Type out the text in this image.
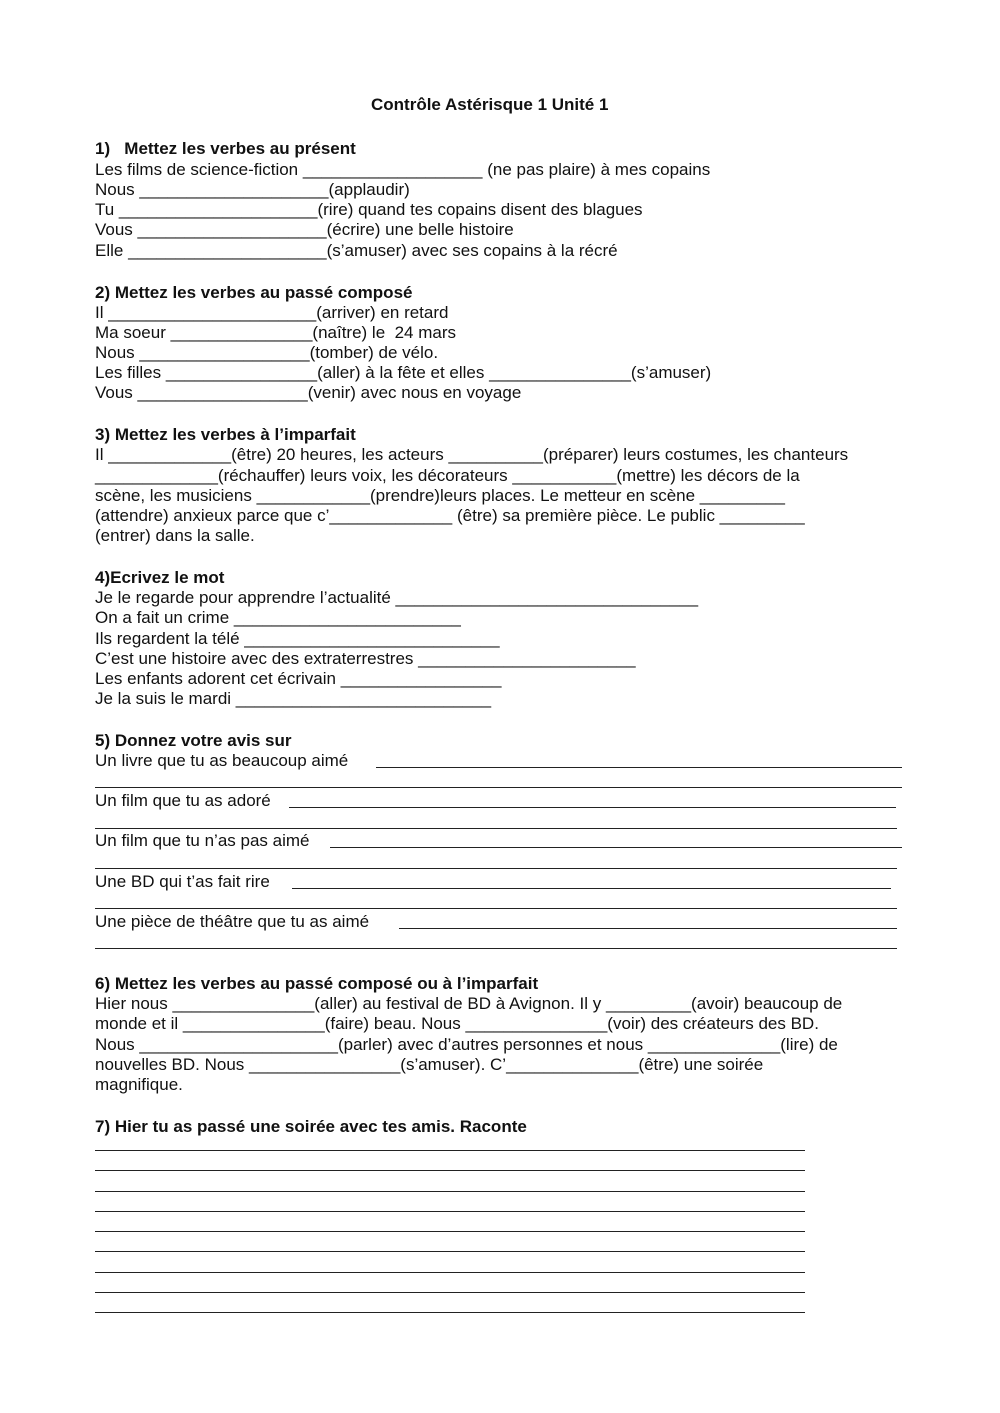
Contrôle Astérisque 1 Unité 1
1)   Mettez les verbes au présent
Les films de science-fiction ___________________ (ne pas plaire) à mes copains
Nous ____________________(applaudir)
Tu _____________________(rire) quand tes copains disent des blagues
Vous ____________________(écrire) une belle histoire
Elle _____________________(s’amuser) avec ses copains à la récré
2) Mettez les verbes au passé composé
Il ______________________(arriver) en retard
Ma soeur _______________(naître) le  24 mars
Nous __________________(tomber) de vélo.
Les filles ________________(aller) à la fête et elles _______________(s’amuser)
Vous __________________(venir) avec nous en voyage
3) Mettez les verbes à l’imparfait
Il _____________(être) 20 heures, les acteurs __________(préparer) leurs costumes, les chanteurs
_____________(réchauffer) leurs voix, les décorateurs ___________(mettre) les décors de la
scène, les musiciens ____________(prendre)leurs places. Le metteur en scène _________
(attendre) anxieux parce que c’_____________ (être) sa première pièce. Le public _________
(entrer) dans la salle.
4)Ecrivez le mot
Je le regarde pour apprendre l’actualité ________________________________
On a fait un crime ________________________
Ils regardent la télé ___________________________
C’est une histoire avec des extraterrestres _______________________
Les enfants adorent cet écrivain _________________
Je la suis le mardi ___________________________
5) Donnez votre avis sur
Un livre que tu as beaucoup aimé
Un film que tu as adoré
Un film que tu n’as pas aimé
Une BD qui t’as fait rire
Une pièce de théâtre que tu as aimé
6) Mettez les verbes au passé composé ou à l’imparfait
Hier nous _______________(aller) au festival de BD à Avignon. Il y _________(avoir) beaucoup de
monde et il _______________(faire) beau. Nous _______________(voir) des créateurs des BD.
Nous _____________________(parler) avec d’autres personnes et nous ______________(lire) de
nouvelles BD. Nous ________________(s’amuser). C’______________(être) une soirée
magnifique.
7) Hier tu as passé une soirée avec tes amis. Raconte
